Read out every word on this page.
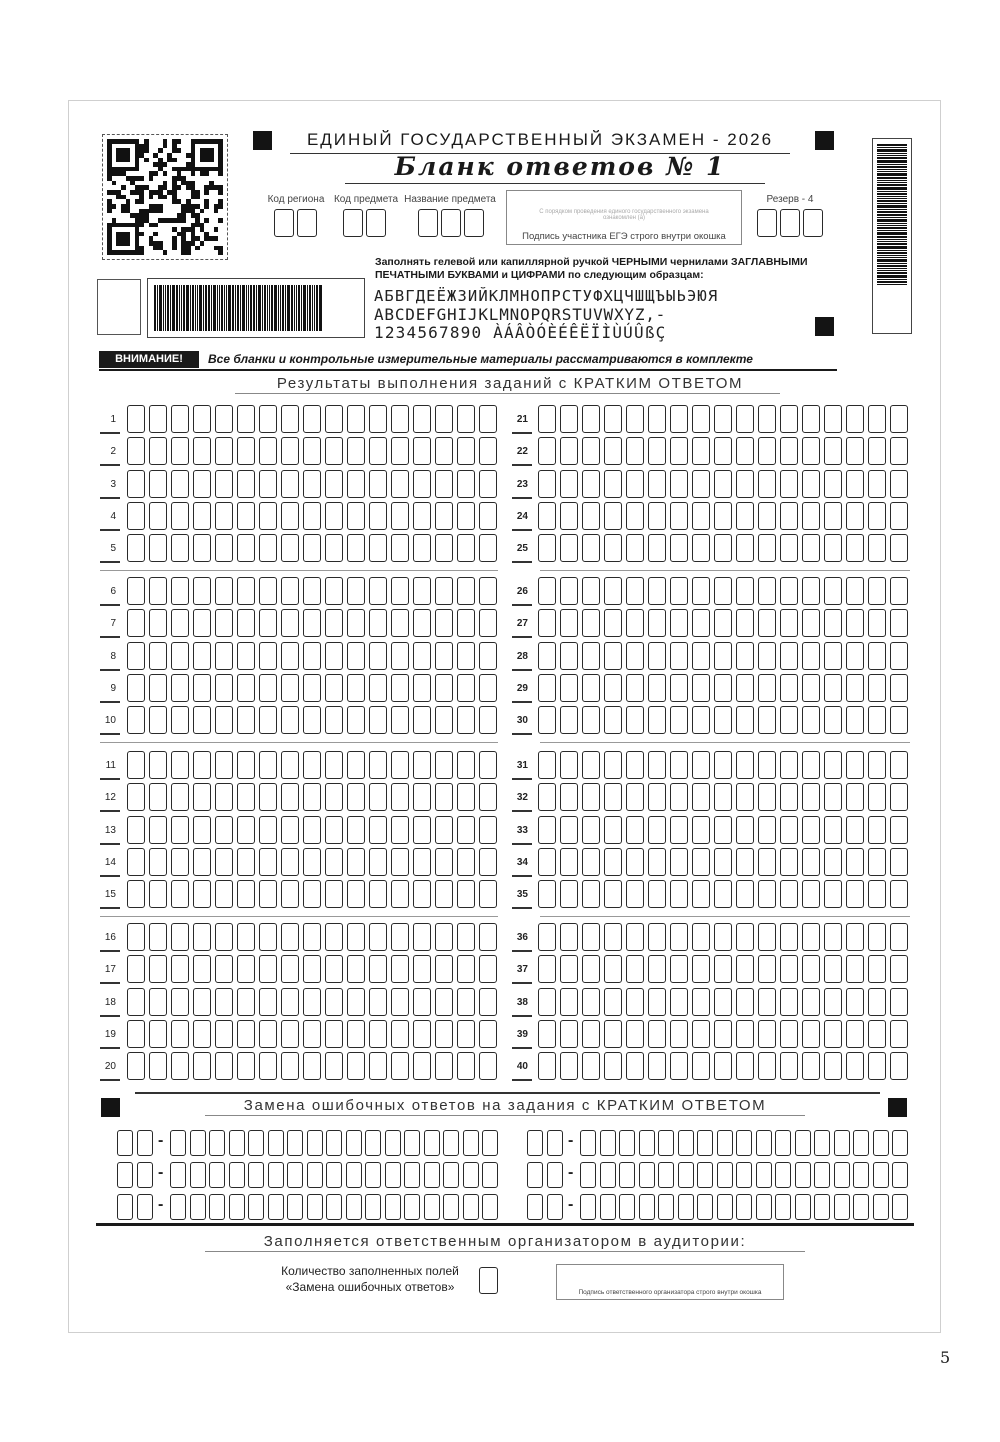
ЕДИНЫЙ ГОСУДАРСТВЕННЫЙ ЭКЗАМЕН - 2026
Бланк ответов № 1
Код региона Код предмета Название предмета	Резерв - 4
С порядком проведения единого государственного экзамена ознакомлен (а)
Подпись участника ЕГЭ строго внутри окошка
Заполнять гелевой или капиллярной ручкой ЧЕРНЫМИ чернилами ЗАГЛАВНЫМИ ПЕЧАТНЫМИ БУКВАМИ и ЦИФРАМИ по следующим образцам:
АБВГДЕЁЖЗИЙКЛМНОПРСТУФХЦЧШЩЪЫЬЭЮЯ
ABCDEFGHIJKLMNOPQRSTUVWXYZ,-
1234567890 ÀÁÂÒÓÈÉÊËÏÌÙÚÛßÇ
ВНИМАНИЕ!	Все бланки и контрольные измерительные материалы рассматриваются в комплекте
Результаты выполнения заданий с КРАТКИМ ОТВЕТОМ
1
2
3
4
5
6
7
8
9
10
11
12
13
14
15
16
17
18
19
20
21
22
23
24
25
26
27
28
29
30
31
32
33
34
35
36
37
38
39
40
Замена ошибочных ответов на задания с КРАТКИМ ОТВЕТОМ
-
-
-
-
-
-
Заполняется ответственным организатором в аудитории:
Количество заполненных полей
«Замена ошибочных ответов»	Подпись ответственного организатора строго внутри окошка
5
